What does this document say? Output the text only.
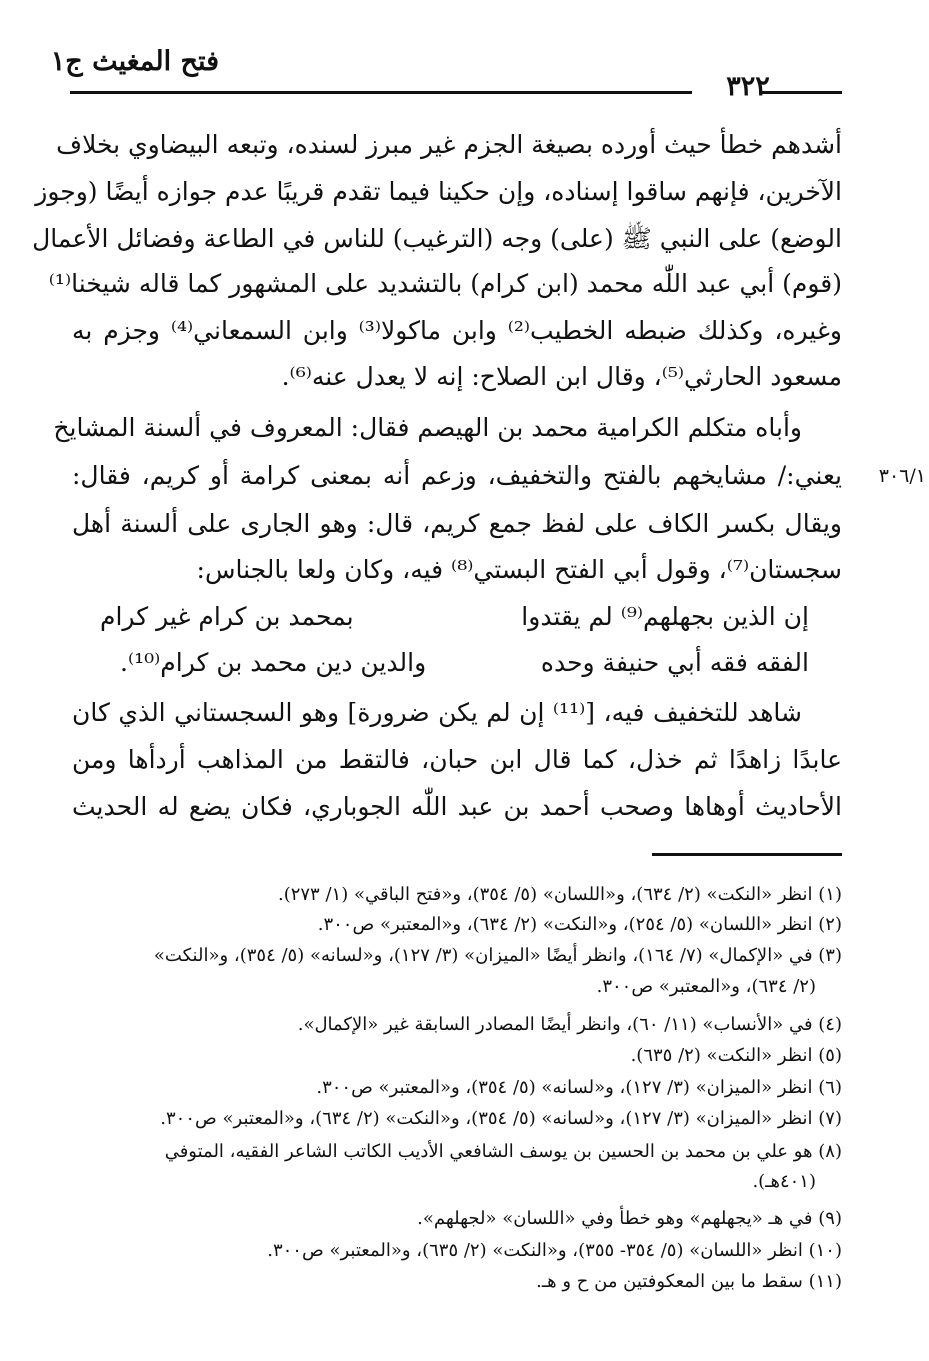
فتح المغيث ج١
٣٢٢
أشدهم خطأ حيث أورده بصيغة الجزم غير مبرز لسنده، وتبعه البيضاوي بخلاف
الآخرين، فإنهم ساقوا إسناده، وإن حكينا فيما تقدم قريبًا عدم جوازه أيضًا (وجوز
الوضع) على النبي ﷺ (على) وجه (الترغيب) للناس في الطاعة وفضائل الأعمال
(قوم) أبي عبد اللّٰه محمد (ابن كرام) بالتشديد على المشهور كما قاله شيخنا⁽¹⁾
وغيره، وكذلك ضبطه الخطيب⁽²⁾ وابن ماكولا⁽³⁾ وابن السمعاني⁽⁴⁾ وجزم به
مسعود الحارثي⁽⁵⁾، وقال ابن الصلاح: إنه لا يعدل عنه⁽⁶⁾.
وأباه متكلم الكرامية محمد بن الهيصم فقال: المعروف في ألسنة المشايخ
يعني:/ مشايخهم بالفتح والتخفيف، وزعم أنه بمعنى كرامة أو كريم، فقال:	٣٠٦/١
ويقال بكسر الكاف على لفظ جمع كريم، قال: وهو الجارى على ألسنة أهل
سجستان⁽⁷⁾، وقول أبي الفتح البستي⁽⁸⁾ فيه، وكان ولعا بالجناس:
إن الذين بجهلهم⁽⁹⁾ لم يقتدوا
بمحمد بن كرام غير كرام
الفقه فقه أبي حنيفة وحده
والدين دين محمد بن كرام⁽¹⁰⁾.
شاهد للتخفيف فيه، [⁽¹¹⁾ إن لم يكن ضرورة] وهو السجستاني الذي كان
عابدًا زاهدًا ثم خذل، كما قال ابن حبان، فالتقط من المذاهب أردأها ومن
الأحاديث أوهاها وصحب أحمد بن عبد اللّٰه الجوباري، فكان يضع له الحديث
(١) انظر «النكت» (٢/ ٦٣٤)، و«اللسان» (٥/ ٣٥٤)، و«فتح الباقي» (١/ ٢٧٣).
(٢) انظر «اللسان» (٥/ ٢٥٤)، و«النكت» (٢/ ٦٣٤)، و«المعتبر» ص٣٠٠.
(٣) في «الإكمال» (٧/ ١٦٤)، وانظر أيضًا «الميزان» (٣/ ١٢٧)، و«لسانه» (٥/ ٣٥٤)، و«النكت»
(٢/ ٦٣٤)، و«المعتبر» ص٣٠٠.
(٤) في «الأنساب» (١١/ ٦٠)، وانظر أيضًا المصادر السابقة غير «الإكمال».
(٥) انظر «النكت» (٢/ ٦٣٥).
(٦) انظر «الميزان» (٣/ ١٢٧)، و«لسانه» (٥/ ٣٥٤)، و«المعتبر» ص٣٠٠.
(٧) انظر «الميزان» (٣/ ١٢٧)، و«لسانه» (٥/ ٣٥٤)، و«النكت» (٢/ ٦٣٤)، و«المعتبر» ص٣٠٠.
(٨) هو علي بن محمد بن الحسين بن يوسف الشافعي الأديب الكاتب الشاعر الفقيه، المتوفي
(٤٠١هـ).
(٩) في هـ «يجهلهم» وهو خطأ وفي «اللسان» «لجهلهم».
(١٠) انظر «اللسان» (٥/ ٣٥٤- ٣٥٥)، و«النكت» (٢/ ٦٣٥)، و«المعتبر» ص٣٠٠.
(١١) سقط ما بين المعكوفتين من ح و هـ.
